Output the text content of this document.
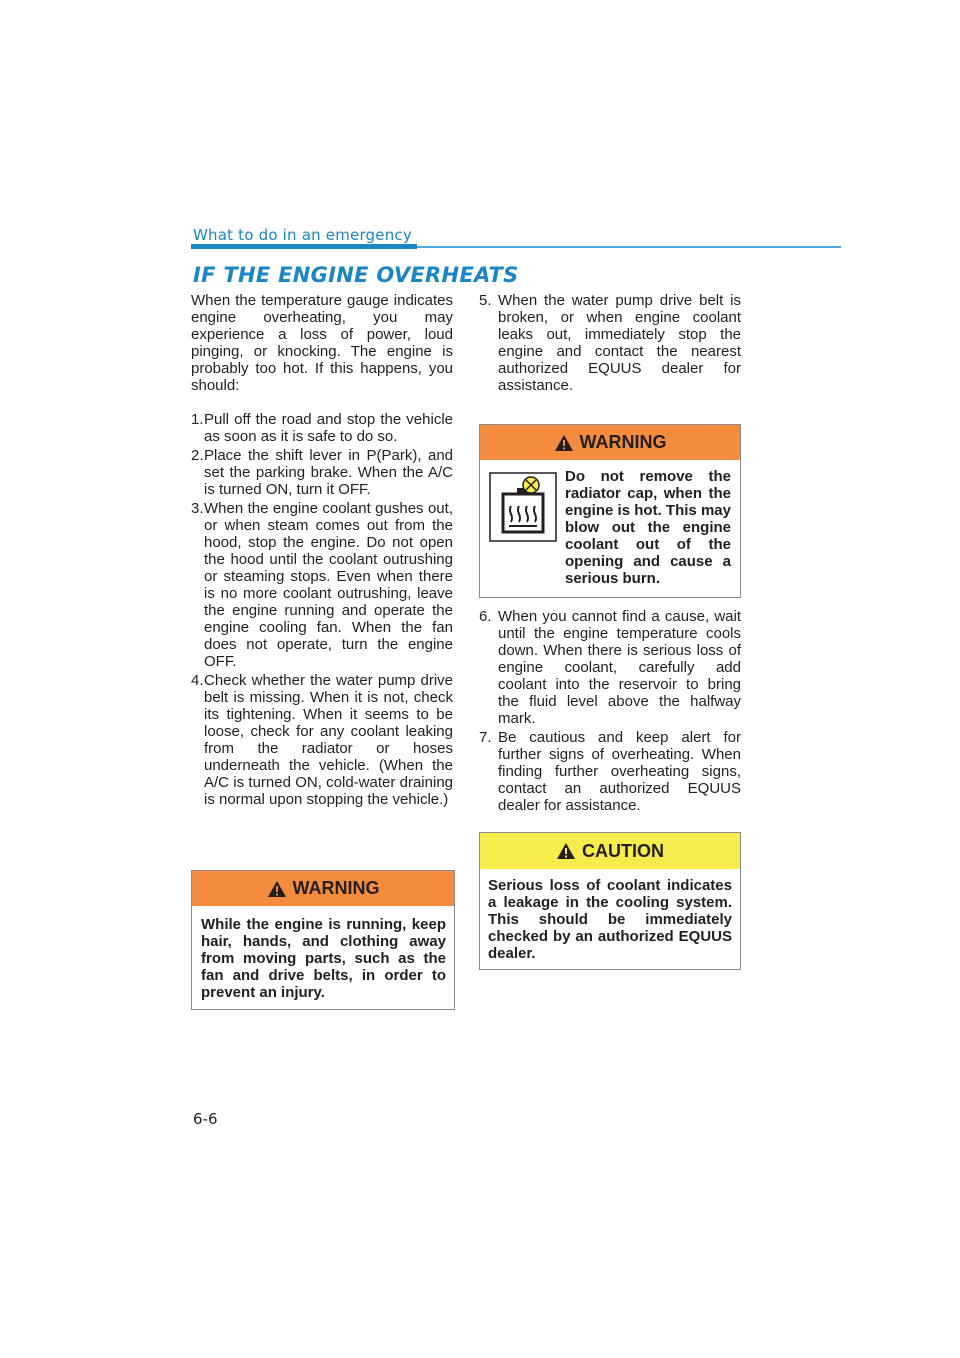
What to do in an emergency
IF THE ENGINE OVERHEATS

When the temperature gauge indicates engine overheating, you may experience a loss of power, loud pinging, or knocking. The engine is probably too hot. If this happens, you should:

1. Pull off the road and stop the vehicle as soon as it is safe to do so.
2. Place the shift lever in P(Park), and set the parking brake. When the A/C is turned ON, turn it OFF.
3. When the engine coolant gushes out, or when steam comes out from the hood, stop the engine. Do not open the hood until the coolant outrushing or steaming stops. Even when there is no more coolant outrushing, leave the engine running and operate the engine cooling fan. When the fan does not operate, turn the engine OFF.
4. Check whether the water pump drive belt is missing. When it is not, check its tightening. When it seems to be loose, check for any coolant leaking from the radiator or hoses underneath the vehicle. (When the A/C is turned ON, cold-water draining is normal upon stopping the vehicle.)
WARNING
While the engine is running, keep hair, hands, and clothing away from moving parts, such as the fan and drive belts, in order to prevent an injury.
5. When the water pump drive belt is broken, or when engine coolant leaks out, immediately stop the engine and contact the nearest authorized EQUUS dealer for assistance.
WARNING
Do not remove the radiator cap, when the engine is hot. This may blow out the engine coolant out of the opening and cause a serious burn.
6. When you cannot find a cause, wait until the engine temperature cools down. When there is serious loss of engine coolant, carefully add coolant into the reservoir to bring the fluid level above the halfway mark.
7. Be cautious and keep alert for further signs of overheating. When finding further overheating signs, contact an authorized EQUUS dealer for assistance.
CAUTION
Serious loss of coolant indicates a leakage in the cooling system. This should be immediately checked by an authorized EQUUS dealer.
6-6
